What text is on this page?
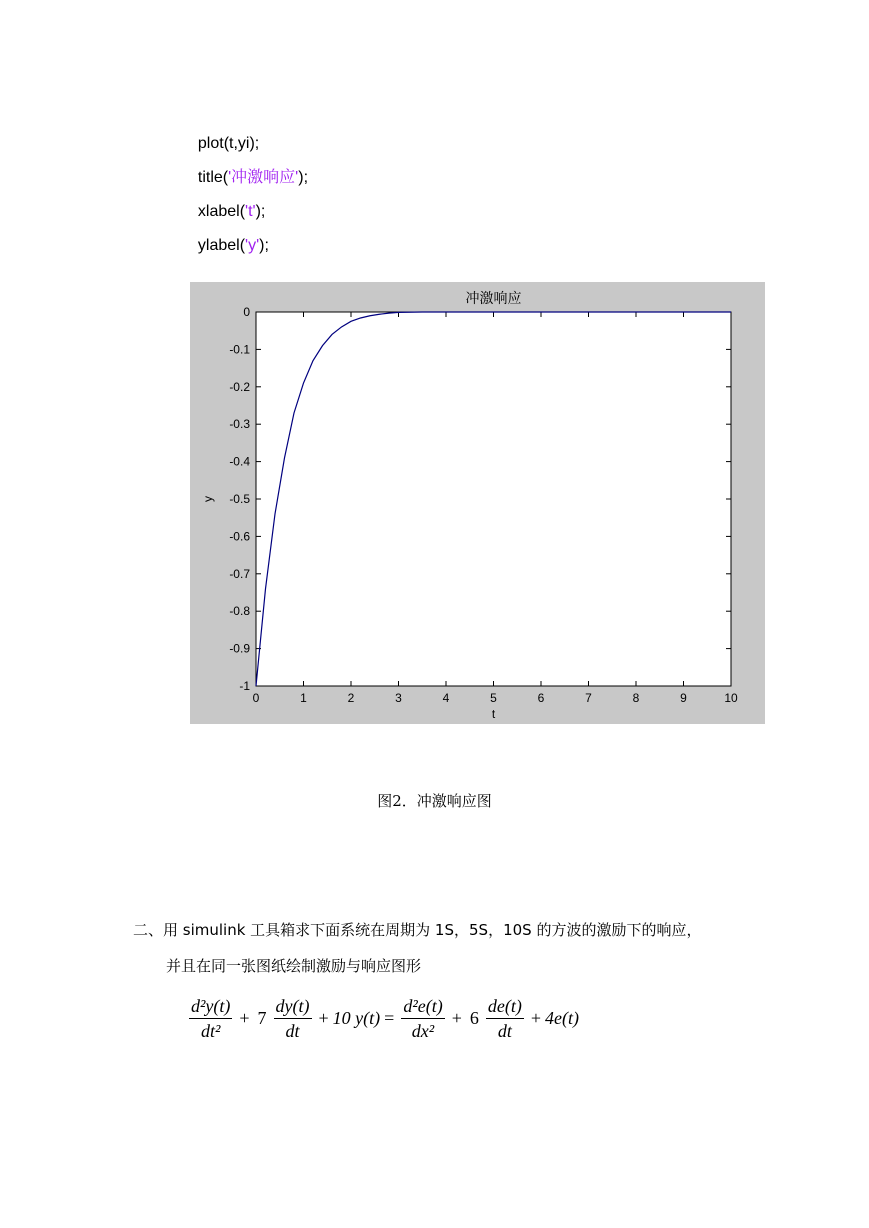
plot(t,yi);

title('冲激响应');

xlabel('t');

ylabel('y');

0	1	2	3	4	5	6	7	8	9	10
0
-0.1
-0.2
-0.3
-0.4
-0.5
-0.6
-0.7
-0.8
-0.9
-1
冲激响应
t
y
图2．冲激响应图
二、用 simulink 工具箱求下面系统在周期为 1S，5S，10S 的方波的激励下的响应，
并且在同一张图纸绘制激励与响应图形
$\frac{\text{d²y(t)}}{\text{dt²}} + 7 \frac{dy(t)}{dt} + 10$ $y(t) = \frac{\text{d²e(t)}}{\text{dx²}} + 6 \frac{de(t)}{dt} + 4e(t)$
